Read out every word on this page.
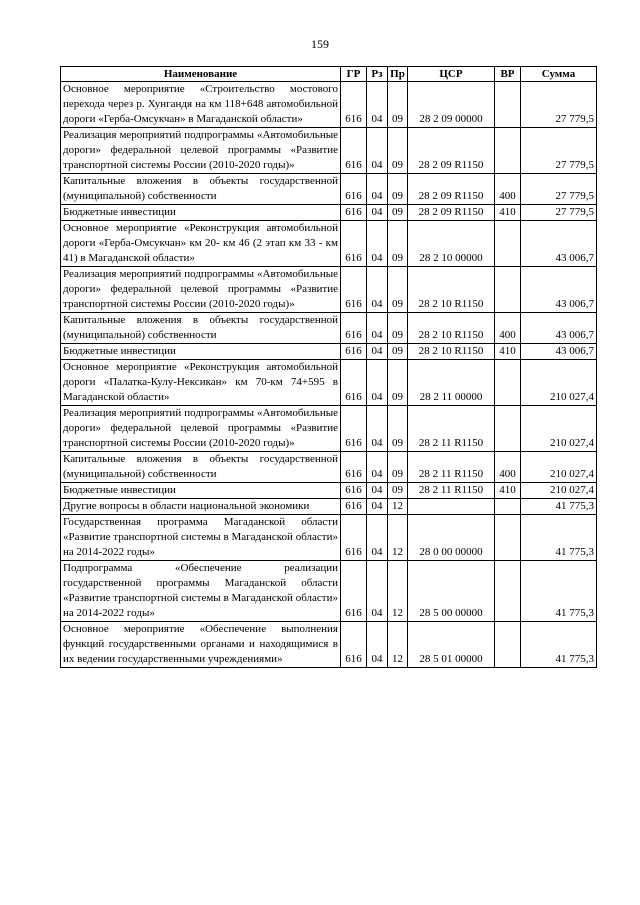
159
Наименование	ГР	Рз	Пр	ЦСР	ВР	Сумма
Основное мероприятие «Строительство мостового перехода через р. Хунгандя на км 118+648 автомобильной дороги «Герба-Омсукчан» в Магаданской области»	616	04	09	28 2 09 00000		27 779,5
Реализация мероприятий подпрограммы «Автомобильные дороги» федеральной целевой программы «Развитие транспортной системы России (2010-2020 годы)»	616	04	09	28 2 09 R1150		27 779,5
Капитальные вложения в объекты государственной (муниципальной) собственности	616	04	09	28 2 09 R1150	400	27 779,5
Бюджетные инвестиции	616	04	09	28 2 09 R1150	410	27 779,5
Основное мероприятие «Реконструкция автомобильной дороги «Герба-Омсукчан» км 20- км 46 (2 этап км 33 - км 41) в Магаданской области»	616	04	09	28 2 10 00000		43 006,7
Реализация мероприятий подпрограммы «Автомобильные дороги» федеральной целевой программы «Развитие транспортной системы России (2010-2020 годы)»	616	04	09	28 2 10 R1150		43 006,7
Капитальные вложения в объекты государственной (муниципальной) собственности	616	04	09	28 2 10 R1150	400	43 006,7
Бюджетные инвестиции	616	04	09	28 2 10 R1150	410	43 006,7
Основное мероприятие «Реконструкция автомобильной дороги «Палатка-Кулу-Нексикан» км 70-км 74+595 в Магаданской области»	616	04	09	28 2 11 00000		210 027,4
Реализация мероприятий подпрограммы «Автомобильные дороги» федеральной целевой программы «Развитие транспортной системы России (2010-2020 годы)»	616	04	09	28 2 11 R1150		210 027,4
Капитальные вложения в объекты государственной (муниципальной) собственности	616	04	09	28 2 11 R1150	400	210 027,4
Бюджетные инвестиции	616	04	09	28 2 11 R1150	410	210 027,4
Другие вопросы в области национальной экономики	616	04	12			41 775,3
Государственная программа Магаданской области «Развитие транспортной системы в Магаданской области» на 2014-2022 годы»	616	04	12	28 0 00 00000		41 775,3
Подпрограмма «Обеспечение реализации государственной программы Магаданской области «Развитие транспортной системы в Магаданской области» на 2014-2022 годы»	616	04	12	28 5 00 00000		41 775,3
Основное мероприятие «Обеспечение выполнения функций государственными органами и находящимися в их ведении государственными учреждениями»	616	04	12	28 5 01 00000		41 775,3
